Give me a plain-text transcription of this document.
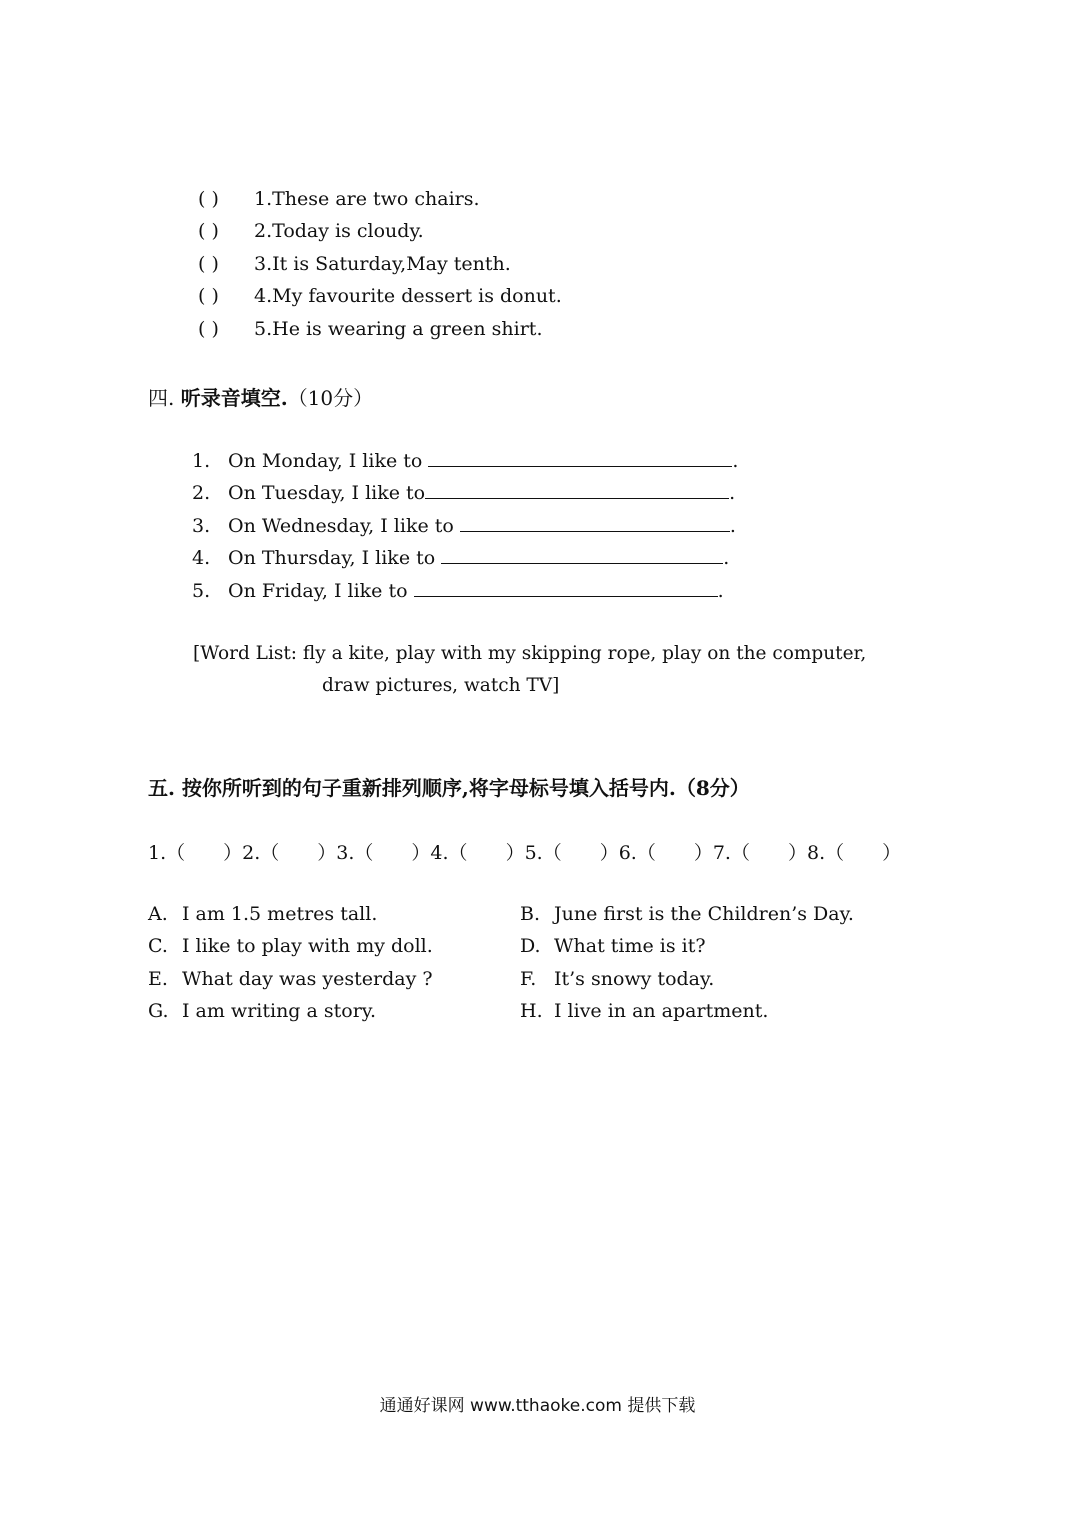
( ) 1.These are two chairs.
( ) 2.Today is cloudy.
( ) 3.It is Saturday,May tenth.
( ) 4.My favourite dessert is donut.
( ) 5.He is wearing a green shirt.
四. 听录音填空.（10分）
1. On Monday, I like to	.
2. On Tuesday, I like to	.
3. On Wednesday, I like to	.
4. On Thursday, I like to	.
5. On Friday, I like to	.
[Word List: fly a kite, play with my skipping rope, play on the computer,
draw pictures, watch TV]
五. 按你所听到的句子重新排列顺序,将字母标号填入括号内.（8分）
1.（ ）2.（ ）3.（ ）4.（ ）5.（ ）6.（ ）7.（ ）8.（ ）
A. I am 1.5 metres tall.	B. June first is the Children’s Day.
C. I like to play with my doll.	D. What time is it?
E. What day was yesterday ?	F. It’s snowy today.
G. I am writing a story.	H. I live in an apartment.
通通好课网 www.tthaoke.com 提供下载
